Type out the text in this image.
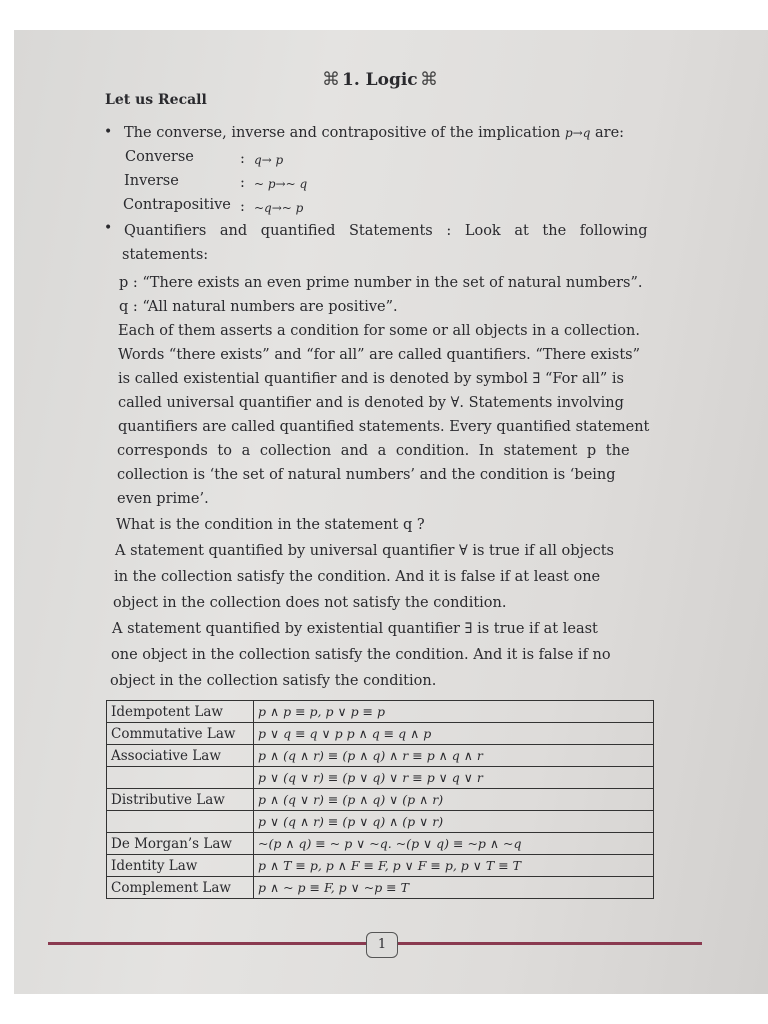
⌘ 1. Logic ⌘
Let us Recall
• The converse, inverse and contrapositive of the implication p→q are:
Converse	: q→ p
Inverse	: ~ p→~ q
Contrapositive : ~q→~ p
• Quantifiers and quantified Statements : Look at the following
statements:
p : “There exists an even prime number in the set of natural numbers”.
q : “All natural numbers are positive”.
Each of them asserts a condition for some or all objects in a collection.
Words “there exists” and “for all” are called quantifiers. “There exists”
is called existential quantifier and is denoted by symbol ∃ “For all” is
called universal quantifier and is denoted by ∀. Statements involving
quantifiers are called quantified statements. Every quantified statement
corresponds to a collection and a condition. In statement p the
collection is ‘the set of natural numbers’ and the condition is ‘being
even prime’.
What is the condition in the statement q ?
A statement quantified by universal quantifier ∀ is true if all objects
in the collection satisfy the condition. And it is false if at least one
object in the collection does not satisfy the condition.
A statement quantified by existential quantifier ∃ is true if at least
one object in the collection satisfy the condition. And it is false if no
object in the collection satisfy the condition.
Idempotent Law	p ∧ p ≡ p, p ∨ p ≡ p
Commutative Law	p ∨ q ≡ q ∨ p p ∧ q ≡ q ∧ p
Associative Law	p ∧ (q ∧ r) ≡ (p ∧ q) ∧ r ≡ p ∧ q ∧ r
	p ∨ (q ∨ r) ≡ (p ∨ q) ∨ r ≡ p ∨ q ∨ r
Distributive Law	p ∧ (q ∨ r) ≡ (p ∧ q) ∨ (p ∧ r)
	p ∨ (q ∧ r) ≡ (p ∨ q) ∧ (p ∨ r)
De Morgan’s Law	~(p ∧ q) ≡ ~ p ∨ ~q. ~(p ∨ q) ≡ ~p ∧ ~q
Identity Law	p ∧ T ≡ p, p ∧ F ≡ F, p ∨ F ≡ p, p ∨ T ≡ T
Complement Law	p ∧ ~ p ≡ F, p ∨ ~p ≡ T
1
